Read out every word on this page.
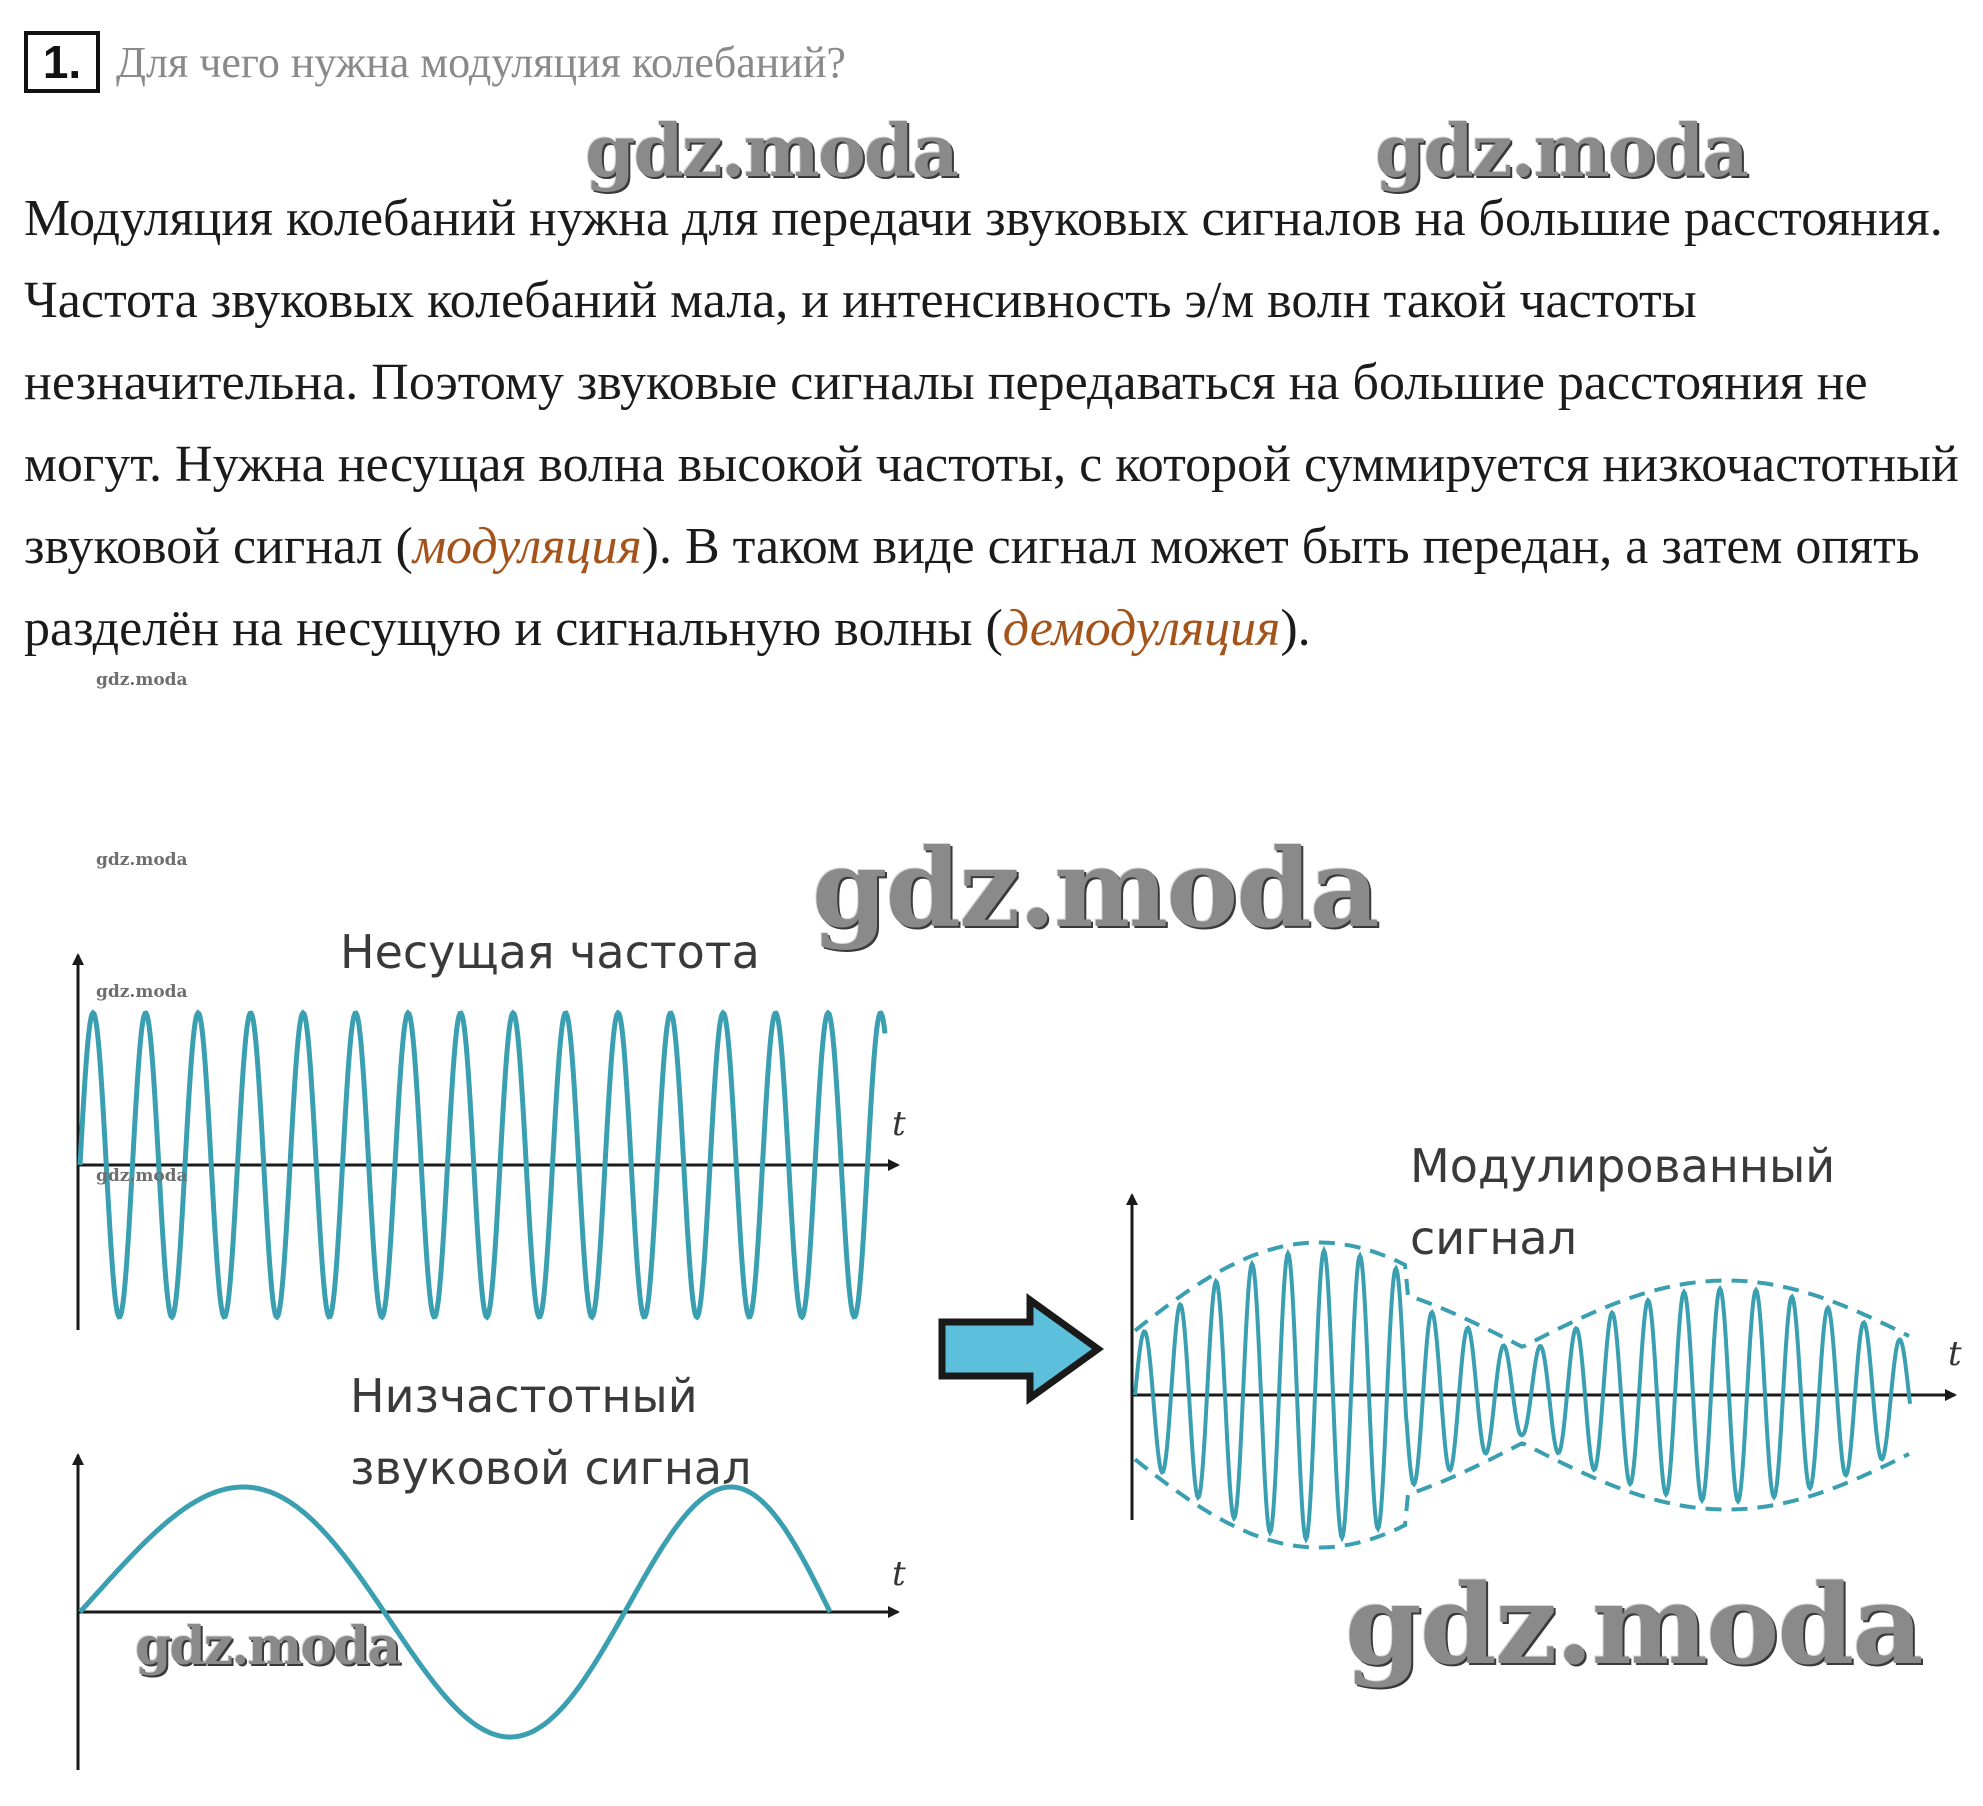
1. Для чего нужна модуляция колебаний?

Модуляция колебаний нужна для передачи звуковых сигналов на большие расстояния.

Частота звуковых колебаний мала, и интенсивность э/м волн такой частоты незначительна. Поэтому звуковые сигналы передаваться на большие расстояния не могут. Нужна несущая волна высокой частоты, с которой суммируется низкочастотный звуковой сигнал (модуляция). В таком виде сигнал может быть передан, а затем опять разделён на несущую и сигнальную волны (демодуляция).

t
Несущая частота
t
Низчастотный
звуковой сигнал
t
Модулированный
сигнал
gdz.moda	gdz.moda
gdz.moda
gdz.moda	gdz.moda
gdz.moda
gdz.moda
gdz.moda
gdz.moda
